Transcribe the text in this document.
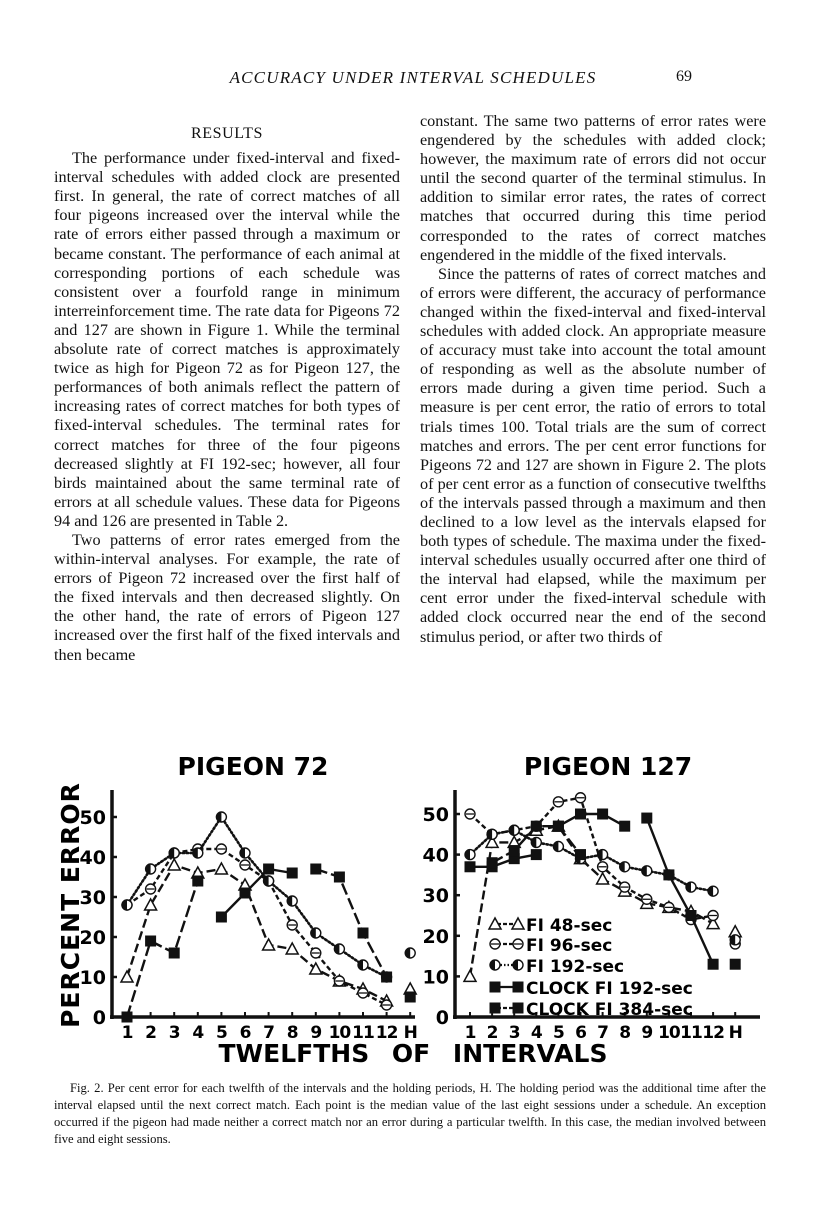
ACCURACY UNDER INTERVAL SCHEDULES	69
RESULTS

The performance under fixed-interval and fixed-interval schedules with added clock are presented first. In general, the rate of correct matches of all four pigeons increased over the interval while the rate of errors either passed through a maximum or became constant. The performance of each animal at corresponding portions of each schedule was consistent over a fourfold range in minimum interreinforcement time. The rate data for Pigeons 72 and 127 are shown in Figure 1. While the terminal absolute rate of correct matches is approximately twice as high for Pigeon 72 as for Pigeon 127, the performances of both animals reflect the pattern of increasing rates of correct matches for both types of fixed-interval schedules. The terminal rates for correct matches for three of the four pigeons decreased slightly at FI 192-sec; however, all four birds maintained about the same terminal rate of errors at all schedule values. These data for Pigeons 94 and 126 are presented in Table 2.

Two patterns of error rates emerged from the within-interval analyses. For example, the rate of errors of Pigeon 72 increased over the first half of the fixed intervals and then decreased slightly. On the other hand, the rate of errors of Pigeon 127 increased over the first half of the fixed intervals and then became

constant. The same two patterns of error rates were engendered by the schedules with added clock; however, the maximum rate of errors did not occur until the second quarter of the terminal stimulus. In addition to similar error rates, the rates of correct matches that occurred during this time period corresponded to the rates of correct matches engendered in the middle of the fixed intervals.

Since the patterns of rates of correct matches and of errors were different, the accuracy of performance changed within the fixed-interval and fixed-interval schedules with added clock. An appropriate measure of accuracy must take into account the total amount of responding as well as the absolute number of errors made during a given time period. Such a measure is per cent error, the ratio of errors to total trials times 100. Total trials are the sum of correct matches and errors. The per cent error functions for Pigeons 72 and 127 are shown in Figure 2. The plots of per cent error as a function of consecutive twelfths of the intervals passed through a maximum and then declined to a low level as the intervals elapsed for both types of schedule. The maxima under the fixed-interval schedules usually occurred after one third of the interval had elapsed, while the maximum per cent error under the fixed-interval schedule with added clock occurred near the end of the second stimulus period, or after two thirds of

PIGEON 72
0
10
20
30
40
50
1 2 3 4 5 6 7 8 9 10 11 12 H
PIGEON 127
0
10
20
30
40
50
1 2 3 4 5 6 7 8 9 10 11 12 H
FI 48-sec
FI 96-sec
FI 192-sec
CLOCK FI 192-sec
CLOCK FI 384-sec
PERCENT ERROR
TWELFTHS OF INTERVALS

Fig. 2. Per cent error for each twelfth of the intervals and the holding periods, H. The holding period was the additional time after the interval elapsed until the next correct match. Each point is the median value of the last eight sessions under a schedule. An exception occurred if the pigeon had made neither a correct match nor an error during a particular twelfth. In this case, the median involved between five and eight sessions.
